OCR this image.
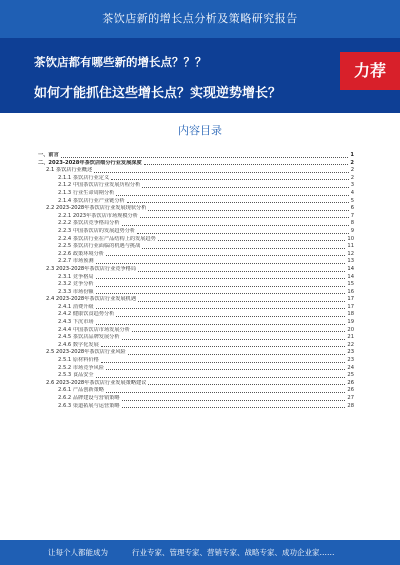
茶饮店新的增长点分析及策略研究报告
茶饮店都有哪些新的增长点？？？
如何才能抓住这些增长点？实现逆势增长？
力荐
内容目录
一、前言	1
二、2023-2028年茶饮店细分行业发展深度	2
2.1 茶饮店行业概述	2
2.1.1 茶饮店行业定义	2
2.1.2 中国茶饮店行业发展历程分析	3
2.1.3 行业生命周期分析	4
2.1.4 茶饮店行业产业链分析	5
2.2 2023-2028年茶饮店行业发展现状分析	6
2.2.1 2023年茶饮店市场规模分析	7
2.2.2 茶饮店竞争格局分析	8
2.2.3 中国茶饮店的发展趋势分析	9
2.2.4 茶饮店行业在产品结构上的发展趋势	10
2.2.5 茶饮店行业面临的机遇与挑战	11
2.2.6 政策环境分析	12
2.2.7 市场预测	13
2.3 2023-2028年茶饮店行业竞争格局	14
2.3.1 竞争格局	14
2.3.2 竞争分析	15
2.3.3 市场份额	16
2.4 2023-2028年茶饮店行业发展机遇	17
2.4.1 消费升级	17
2.4.2 健康饮食趋势分析	18
2.4.3 下沉市场	19
2.4.4 中国茶饮店市场发展分析	20
2.4.5 茶饮店品牌发展分析	21
2.4.6 数字化发展	22
2.5 2023-2028年茶饮店行业风险	23
2.5.1 原材料价格	23
2.5.2 市场竞争风险	24
2.5.3 食品安全	25
2.6 2023-2028年茶饮店行业发展策略建议	26
2.6.1 产品创新策略	26
2.6.2 品牌建设与营销策略	27
2.6.3 渠道拓展与运营策略	28
让每个人都能成为	行业专家、管理专家、营销专家、战略专家、成功企业家……
